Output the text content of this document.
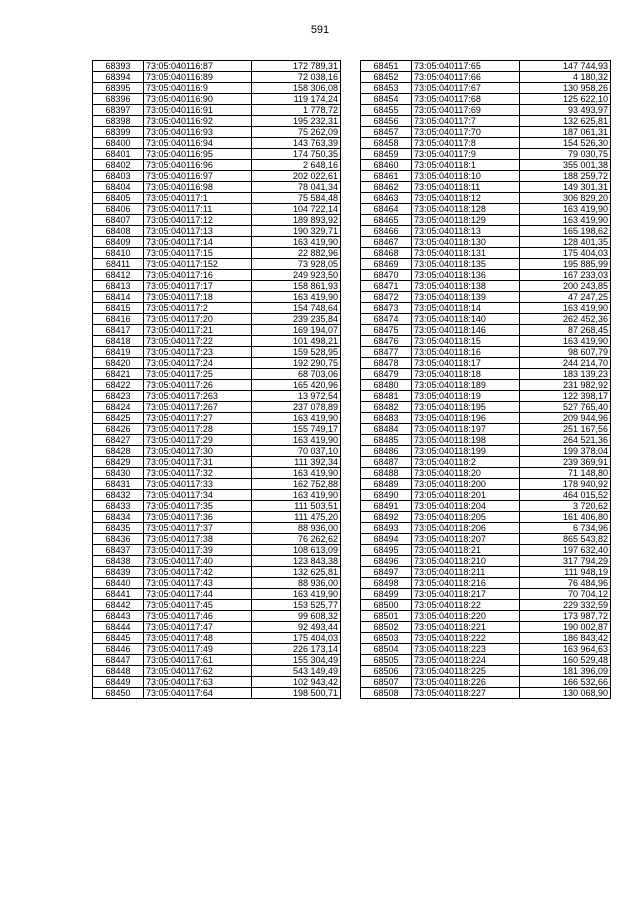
591
68393	73:05:040116:87	172 789,31
68394	73:05:040116:89	72 038,16
68395	73:05:040116:9	158 306,08
68396	73:05:040116:90	119 174,24
68397	73:05:040116:91	1 778,72
68398	73:05:040116:92	195 232,31
68399	73:05:040116:93	75 262,09
68400	73:05:040116:94	143 763,39
68401	73:05:040116:95	174 750,35
68402	73:05:040116:96	2 648,16
68403	73:05:040116:97	202 022,61
68404	73:05:040116:98	78 041,34
68405	73:05:040117:1	75 584,48
68406	73:05:040117:11	104 722,14
68407	73:05:040117:12	189 893,92
68408	73:05:040117:13	190 329,71
68409	73:05:040117:14	163 419,90
68410	73:05:040117:15	22 882,96
68411	73:05:040117:152	73 928,05
68412	73:05:040117:16	249 923,50
68413	73:05:040117:17	158 861,93
68414	73:05:040117:18	163 419,90
68415	73:05:040117:2	154 748,64
68416	73:05:040117:20	239 235,84
68417	73:05:040117:21	169 194,07
68418	73:05:040117:22	101 498,21
68419	73:05:040117:23	159 528,95
68420	73:05:040117:24	192 290,75
68421	73:05:040117:25	68 703,06
68422	73:05:040117:26	165 420,96
68423	73:05:040117:263	13 972,54
68424	73:05:040117:267	237 078,89
68425	73:05:040117:27	163 419,90
68426	73:05:040117:28	155 749,17
68427	73:05:040117:29	163 419,90
68428	73:05:040117:30	70 037,10
68429	73:05:040117:31	111 392,34
68430	73:05:040117:32	163 419,90
68431	73:05:040117:33	162 752,88
68432	73:05:040117:34	163 419,90
68433	73:05:040117:35	111 503,51
68434	73:05:040117:36	111 475,20
68435	73:05:040117:37	88 936,00
68436	73:05:040117:38	76 262,62
68437	73:05:040117:39	108 613,09
68438	73:05:040117:40	123 843,38
68439	73:05:040117:42	132 625,81
68440	73:05:040117:43	88 936,00
68441	73:05:040117:44	163 419,90
68442	73:05:040117:45	153 525,77
68443	73:05:040117:46	99 608,32
68444	73:05:040117:47	92 493,44
68445	73:05:040117:48	175 404,03
68446	73:05:040117:49	226 173,14
68447	73:05:040117:61	155 304,49
68448	73:05:040117:62	543 149,49
68449	73:05:040117:63	102 943,42
68450	73:05:040117:64	198 500,71
68451	73:05:040117:65	147 744,93
68452	73:05:040117:66	4 180,32
68453	73:05:040117:67	130 958,26
68454	73:05:040117:68	125 622,10
68455	73:05:040117:69	93 493,97
68456	73:05:040117:7	132 625,81
68457	73:05:040117:70	187 061,31
68458	73:05:040117:8	154 526,30
68459	73:05:040117:9	79 030,75
68460	73:05:040118:1	355 001,38
68461	73:05:040118:10	188 259,72
68462	73:05:040118:11	149 301,31
68463	73:05:040118:12	306 829,20
68464	73:05:040118:128	163 419,90
68465	73:05:040118:129	163 419,90
68466	73:05:040118:13	165 198,62
68467	73:05:040118:130	128 401,35
68468	73:05:040118:131	175 404,03
68469	73:05:040118:135	195 885,99
68470	73:05:040118:136	167 233,03
68471	73:05:040118:138	200 243,85
68472	73:05:040118:139	47 247,25
68473	73:05:040118:14	163 419,90
68474	73:05:040118:140	262 452,36
68475	73:05:040118:146	87 268,45
68476	73:05:040118:15	163 419,90
68477	73:05:040118:16	98 607,79
68478	73:05:040118:17	244 214,70
68479	73:05:040118:18	183 139,23
68480	73:05:040118:189	231 982,92
68481	73:05:040118:19	122 398,17
68482	73:05:040118:195	527 765,40
68483	73:05:040118:196	209 944,96
68484	73:05:040118:197	251 167,56
68485	73:05:040118:198	264 521,36
68486	73:05:040118:199	199 378,04
68487	73:05:040118:2	239 369,91
68488	73:05:040118:20	71 148,80
68489	73:05:040118:200	178 940,92
68490	73:05:040118:201	464 015,52
68491	73:05:040118:204	3 720,62
68492	73:05:040118:205	161 406,80
68493	73:05:040118:206	6 734,96
68494	73:05:040118:207	865 543,82
68495	73:05:040118:21	197 632,40
68496	73:05:040118:210	317 794,29
68497	73:05:040118:211	111 948,19
68498	73:05:040118:216	76 484,96
68499	73:05:040118:217	70 704,12
68500	73:05:040118:22	229 332,59
68501	73:05:040118:220	173 987,72
68502	73:05:040118:221	190 002,87
68503	73:05:040118:222	186 843,42
68504	73:05:040118:223	163 964,63
68505	73:05:040118:224	160 529,48
68506	73:05:040118:225	181 396,09
68507	73:05:040118:226	166 532,66
68508	73:05:040118:227	130 068,90
